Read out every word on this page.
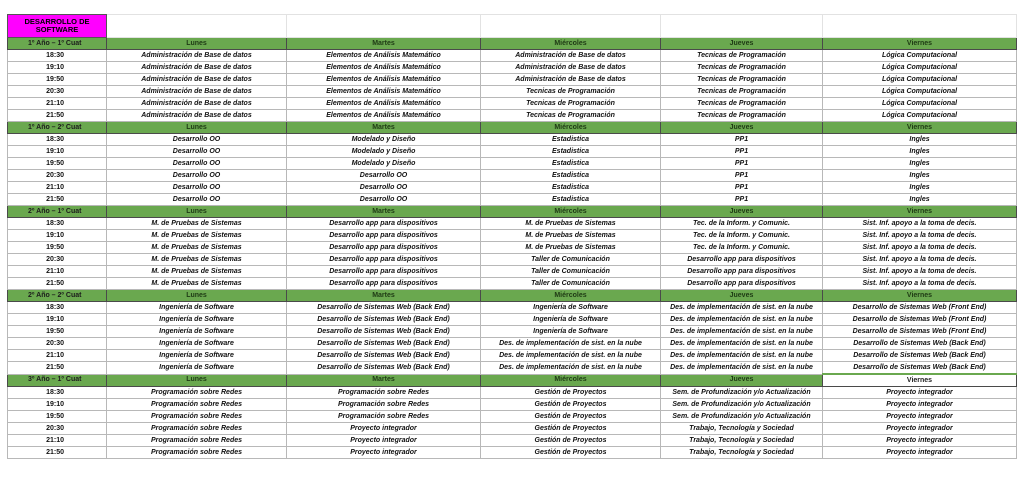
DESARROLLO DE SOFTWARE					
1º Año – 1º Cuat	Lunes	Martes	Miércoles	Jueves	Viernes
18:30	Administración de Base de datos	Elementos de Análisis Matemático	Administración de Base de datos	Tecnicas de Programación	Lógica Computacional
19:10	Administración de Base de datos	Elementos de Análisis Matemático	Administración de Base de datos	Tecnicas de Programación	Lógica Computacional
19:50	Administración de Base de datos	Elementos de Análisis Matemático	Administración de Base de datos	Tecnicas de Programación	Lógica Computacional
20:30	Administración de Base de datos	Elementos de Análisis Matemático	Tecnicas de Programación	Tecnicas de Programación	Lógica Computacional
21:10	Administración de Base de datos	Elementos de Análisis Matemático	Tecnicas de Programación	Tecnicas de Programación	Lógica Computacional
21:50	Administración de Base de datos	Elementos de Análisis Matemático	Tecnicas de Programación	Tecnicas de Programación	Lógica Computacional
1º Año – 2º Cuat	Lunes	Martes	Miércoles	Jueves	Viernes
18:30	Desarrollo OO	Modelado y Diseño	Estadistica	PP1	Ingles
19:10	Desarrollo OO	Modelado y Diseño	Estadistica	PP1	Ingles
19:50	Desarrollo OO	Modelado y Diseño	Estadistica	PP1	Ingles
20:30	Desarrollo OO	Desarrollo OO	Estadistica	PP1	Ingles
21:10	Desarrollo OO	Desarrollo OO	Estadistica	PP1	Ingles
21:50	Desarrollo OO	Desarrollo OO	Estadistica	PP1	Ingles
2º Año – 1º Cuat	Lunes	Martes	Miércoles	Jueves	Viernes
18:30	M. de Pruebas de Sistemas	Desarrollo app para dispositivos	M. de Pruebas de Sistemas	Tec. de la Inform. y Comunic.	Sist. Inf. apoyo a la toma de decis.
19:10	M. de Pruebas de Sistemas	Desarrollo app para dispositivos	M. de Pruebas de Sistemas	Tec. de la Inform. y Comunic.	Sist. Inf. apoyo a la toma de decis.
19:50	M. de Pruebas de Sistemas	Desarrollo app para dispositivos	M. de Pruebas de Sistemas	Tec. de la Inform. y Comunic.	Sist. Inf. apoyo a la toma de decis.
20:30	M. de Pruebas de Sistemas	Desarrollo app para dispositivos	Taller de Comunicación	Desarrollo app para dispositivos	Sist. Inf. apoyo a la toma de decis.
21:10	M. de Pruebas de Sistemas	Desarrollo app para dispositivos	Taller de Comunicación	Desarrollo app para dispositivos	Sist. Inf. apoyo a la toma de decis.
21:50	M. de Pruebas de Sistemas	Desarrollo app para dispositivos	Taller de Comunicación	Desarrollo app para dispositivos	Sist. Inf. apoyo a la toma de decis.
2º Año – 2º Cuat	Lunes	Martes	Miércoles	Jueves	Viernes
18:30	Ingeniería de Software	Desarrollo de Sistemas Web (Back End)	Ingeniería de Software	Des. de implementación de sist. en la nube	Desarrollo de Sistemas Web (Front End)
19:10	Ingeniería de Software	Desarrollo de Sistemas Web (Back End)	Ingeniería de Software	Des. de implementación de sist. en la nube	Desarrollo de Sistemas Web (Front End)
19:50	Ingeniería de Software	Desarrollo de Sistemas Web (Back End)	Ingeniería de Software	Des. de implementación de sist. en la nube	Desarrollo de Sistemas Web (Front End)
20:30	Ingeniería de Software	Desarrollo de Sistemas Web (Back End)	Des. de implementación de sist. en la nube	Des. de implementación de sist. en la nube	Desarrollo de Sistemas Web (Back End)
21:10	Ingeniería de Software	Desarrollo de Sistemas Web (Back End)	Des. de implementación de sist. en la nube	Des. de implementación de sist. en la nube	Desarrollo de Sistemas Web (Back End)
21:50	Ingeniería de Software	Desarrollo de Sistemas Web (Back End)	Des. de implementación de sist. en la nube	Des. de implementación de sist. en la nube	Desarrollo de Sistemas Web (Back End)
3º Año – 1º Cuat	Lunes	Martes	Miércoles	Jueves	Viernes
18:30	Programación sobre Redes	Programación sobre Redes	Gestión de Proyectos	Sem. de Profundización y/o Actualización	Proyecto integrador
19:10	Programación sobre Redes	Programación sobre Redes	Gestión de Proyectos	Sem. de Profundización y/o Actualización	Proyecto integrador
19:50	Programación sobre Redes	Programación sobre Redes	Gestión de Proyectos	Sem. de Profundización y/o Actualización	Proyecto integrador
20:30	Programación sobre Redes	Proyecto integrador	Gestión de Proyectos	Trabajo, Tecnología y Sociedad	Proyecto integrador
21:10	Programación sobre Redes	Proyecto integrador	Gestión de Proyectos	Trabajo, Tecnología y Sociedad	Proyecto integrador
21:50	Programación sobre Redes	Proyecto integrador	Gestión de Proyectos	Trabajo, Tecnología y Sociedad	Proyecto integrador
